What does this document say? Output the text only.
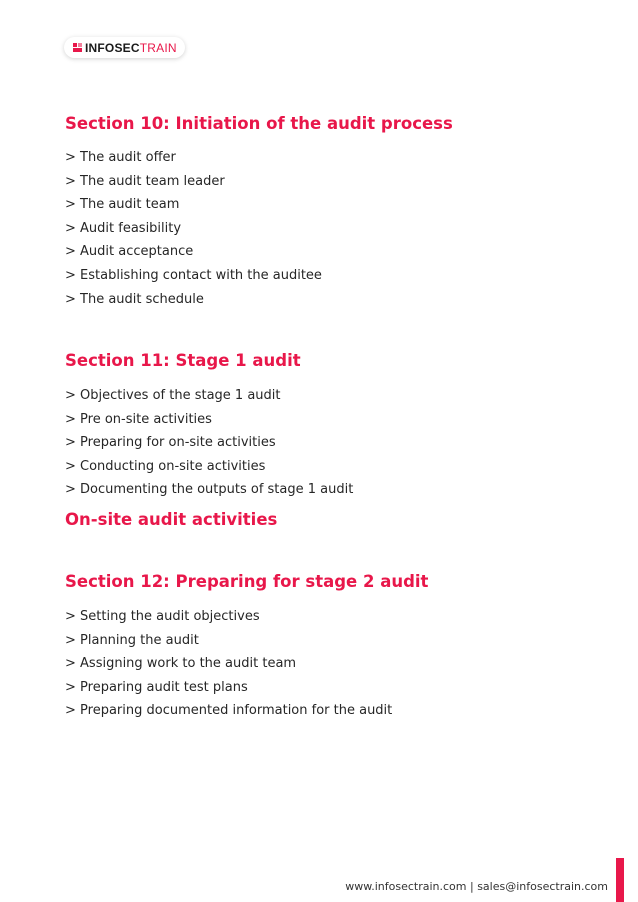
INFOSECTRAIN
Section 10: Initiation of the audit process
> The audit offer
> The audit team leader
> The audit team
> Audit feasibility
> Audit acceptance
> Establishing contact with the auditee
> The audit schedule
Section 11: Stage 1 audit
> Objectives of the stage 1 audit
> Pre on-site activities
> Preparing for on-site activities
> Conducting on-site activities
> Documenting the outputs of stage 1 audit
On-site audit activities
Section 12: Preparing for stage 2 audit
> Setting the audit objectives
> Planning the audit
> Assigning work to the audit team
> Preparing audit test plans
> Preparing documented information for the audit
www.infosectrain.com | sales@infosectrain.com
